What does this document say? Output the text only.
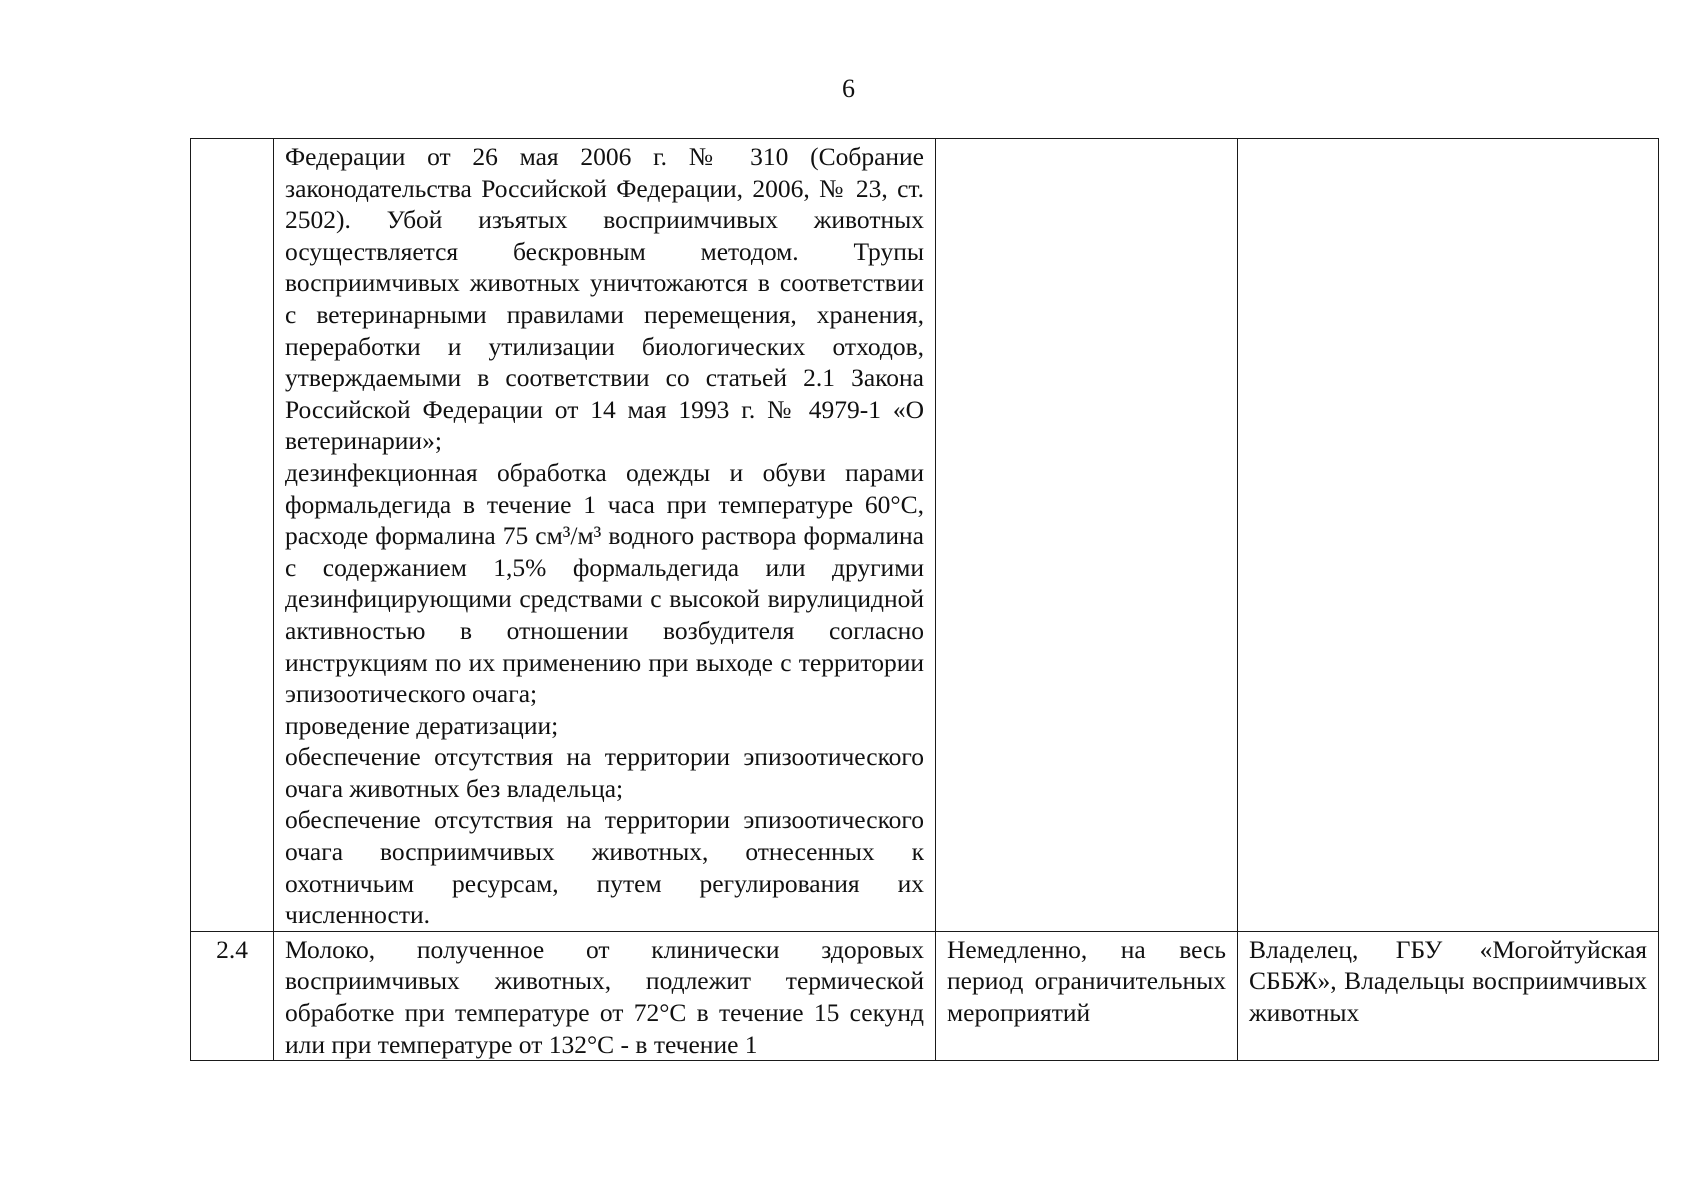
6

	Федерации от 26 мая 2006 г. № 310 (Собрание законодательства Российской Федерации, 2006, № 23, ст. 2502). Убой изъятых восприимчивых животных осуществляется бескровным методом. Трупы восприимчивых животных уничтожаются в соответствии с ветеринарными правилами перемещения, хранения, переработки и утилизации биологических отходов, утверждаемыми в соответствии со статьей 2.1 Закона Российской Федерации от 14 мая 1993 г. № 4979-1 «О ветеринарии»;
дезинфекционная обработка одежды и обуви парами формальдегида в течение 1 часа при температуре 60°С, расходе формалина 75 см³/м³ водного раствора формалина с содержанием 1,5% формальдегида или другими дезинфицирующими средствами с высокой вирулицидной активностью в отношении возбудителя согласно инструкциям по их применению при выходе с территории эпизоотического очага;
проведение дератизации;
обеспечение отсутствия на территории эпизоотического очага животных без владельца;
обеспечение отсутствия на территории эпизоотического очага восприимчивых животных, отнесенных к охотничьим ресурсам, путем регулирования их численности.		

2.4	Молоко, полученное от клинически здоровых восприимчивых животных, подлежит термической обработке при температуре от 72°С в течение 15 секунд или при температуре от 132°С - в течение 1	Немедленно, на весь период ограничительных мероприятий	Владелец, ГБУ «Могойтуйская СББЖ», Владельцы восприимчивых животных
